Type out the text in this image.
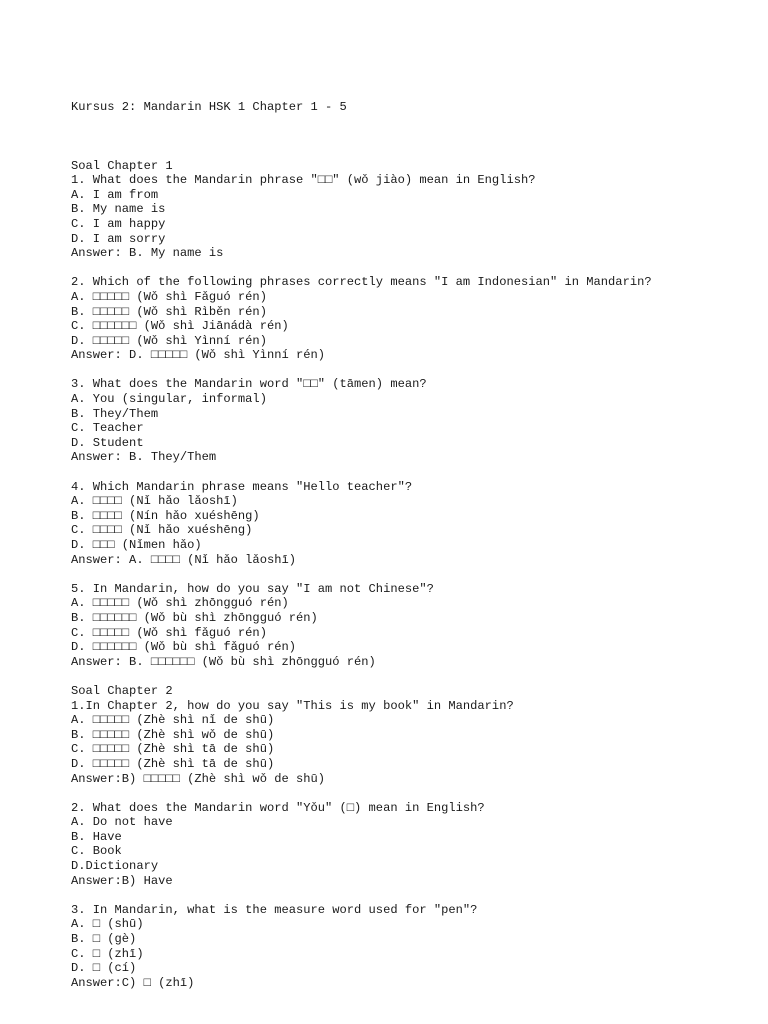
Kursus 2: Mandarin HSK 1 Chapter 1 - 5

Soal Chapter 1
1. What does the Mandarin phrase "□□" (wǒ jiào) mean in English?
A. I am from
B. My name is
C. I am happy
D. I am sorry
Answer: B. My name is
2. Which of the following phrases correctly means "I am Indonesian" in Mandarin?
A. □□□□□ (Wǒ shì Fǎguó rén)
B. □□□□□ (Wǒ shì Rìběn rén)
C. □□□□□□ (Wǒ shì Jiānádà rén)
D. □□□□□ (Wǒ shì Yìnní rén)
Answer: D. □□□□□ (Wǒ shì Yìnní rén)
3. What does the Mandarin word "□□" (tāmen) mean?
A. You (singular, informal)
B. They/Them
C. Teacher
D. Student
Answer: B. They/Them
4. Which Mandarin phrase means "Hello teacher"?
A. □□□□ (Nǐ hǎo lǎoshī)
B. □□□□ (Nín hǎo xuéshēng)
C. □□□□ (Nǐ hǎo xuéshēng)
D. □□□ (Nǐmen hǎo)
Answer: A. □□□□ (Nǐ hǎo lǎoshī)
5. In Mandarin, how do you say "I am not Chinese"?
A. □□□□□ (Wǒ shì zhōngguó rén)
B. □□□□□□ (Wǒ bù shì zhōngguó rén)
C. □□□□□ (Wǒ shì fǎguó rén)
D. □□□□□□ (Wǒ bù shì fǎguó rén)
Answer: B. □□□□□□ (Wǒ bù shì zhōngguó rén)
Soal Chapter 2
1.In Chapter 2, how do you say "This is my book" in Mandarin?
A. □□□□□ (Zhè shì nǐ de shū)
B. □□□□□ (Zhè shì wǒ de shū)
C. □□□□□ (Zhè shì tā de shū)
D. □□□□□ (Zhè shì tā de shū)
Answer:B) □□□□□ (Zhè shì wǒ de shū)
2. What does the Mandarin word "Yǒu" (□) mean in English?
A. Do not have
B. Have
C. Book
D.Dictionary
Answer:B) Have
3. In Mandarin, what is the measure word used for "pen"?
A. □ (shū)
B. □ (gè)
C. □ (zhī)
D. □ (cí)
Answer:C) □ (zhī)
